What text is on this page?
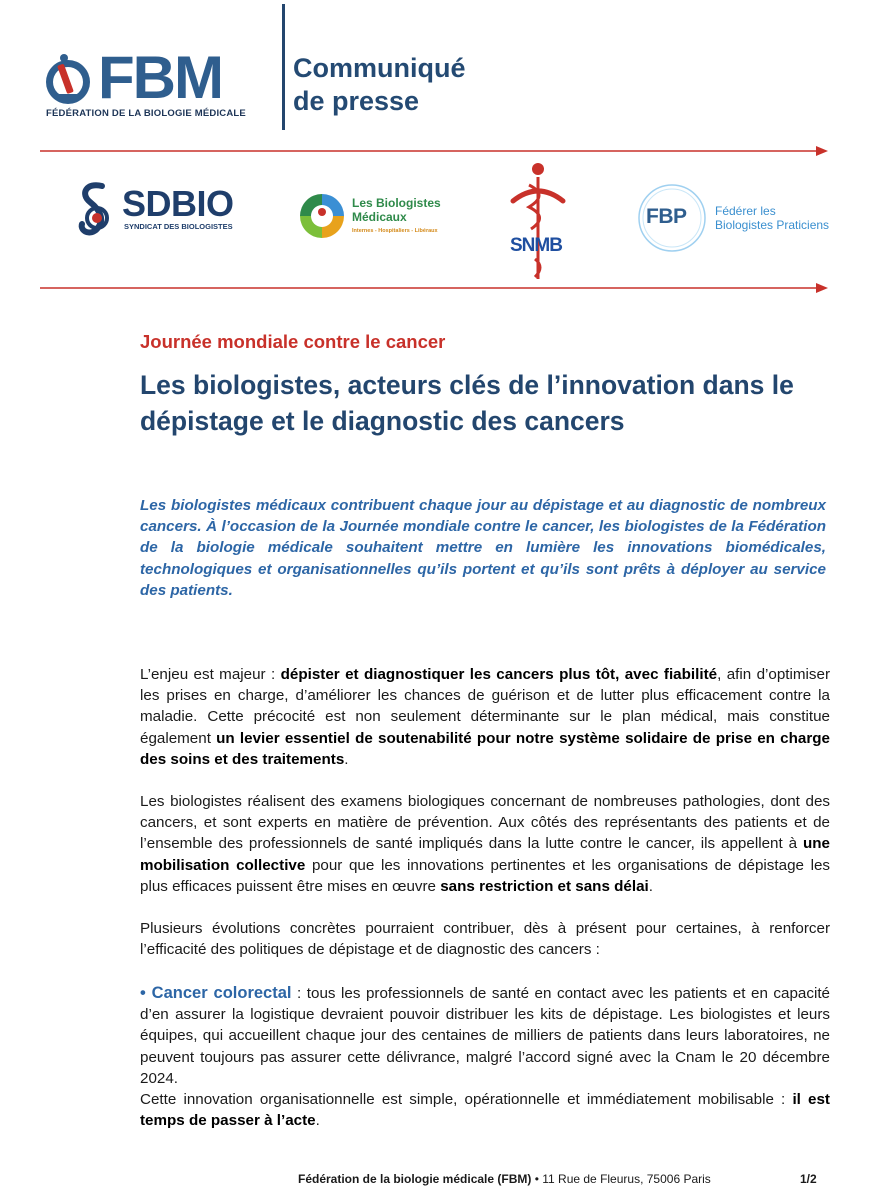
FBM
FÉDÉRATION DE LA BIOLOGIE MÉDICALE
Communiqué
de presse
SDBIO
SYNDICAT DES BIOLOGISTES
Les Biologistes Médicaux
Internes - Hospitaliers - Libéraux
SNMB
FBP Fédérer les
Biologistes Praticiens
Journée mondiale contre le cancer
Les biologistes, acteurs clés de l’innovation dans le dépistage et le diagnostic des cancers
Les biologistes médicaux contribuent chaque jour au dépistage et au diagnostic de nombreux cancers. À l’occasion de la Journée mondiale contre le cancer, les biologistes de la Fédération de la biologie médicale souhaitent mettre en lumière les innovations biomédicales, technologiques et organisationnelles qu’ils portent et qu’ils sont prêts à déployer au service des patients.
L’enjeu est majeur : dépister et diagnostiquer les cancers plus tôt, avec fiabilité, afin d’optimiser les prises en charge, d’améliorer les chances de guérison et de lutter plus efficacement contre la maladie. Cette précocité est non seulement déterminante sur le plan médical, mais constitue également un levier essentiel de soutenabilité pour notre système solidaire de prise en charge des soins et des traitements.
Les biologistes réalisent des examens biologiques concernant de nombreuses pathologies, dont des cancers, et sont experts en matière de prévention. Aux côtés des représentants des patients et de l’ensemble des professionnels de santé impliqués dans la lutte contre le cancer, ils appellent à une mobilisation collective pour que les innovations pertinentes et les organisations de dépistage les plus efficaces puissent être mises en œuvre sans restriction et sans délai.
Plusieurs évolutions concrètes pourraient contribuer, dès à présent pour certaines, à renforcer l’efficacité des politiques de dépistage et de diagnostic des cancers :
• Cancer colorectal : tous les professionnels de santé en contact avec les patients et en capacité d’en assurer la logistique devraient pouvoir distribuer les kits de dépistage. Les biologistes et leurs équipes, qui accueillent chaque jour des centaines de milliers de patients dans leurs laboratoires, ne peuvent toujours pas assurer cette délivrance, malgré l’accord signé avec la Cnam le 20 décembre 2024.
Cette innovation organisationnelle est simple, opérationnelle et immédiatement mobilisable : il est temps de passer à l’acte.
Fédération de la biologie médicale (FBM) • 11 Rue de Fleurus, 75006 Paris	1/2
